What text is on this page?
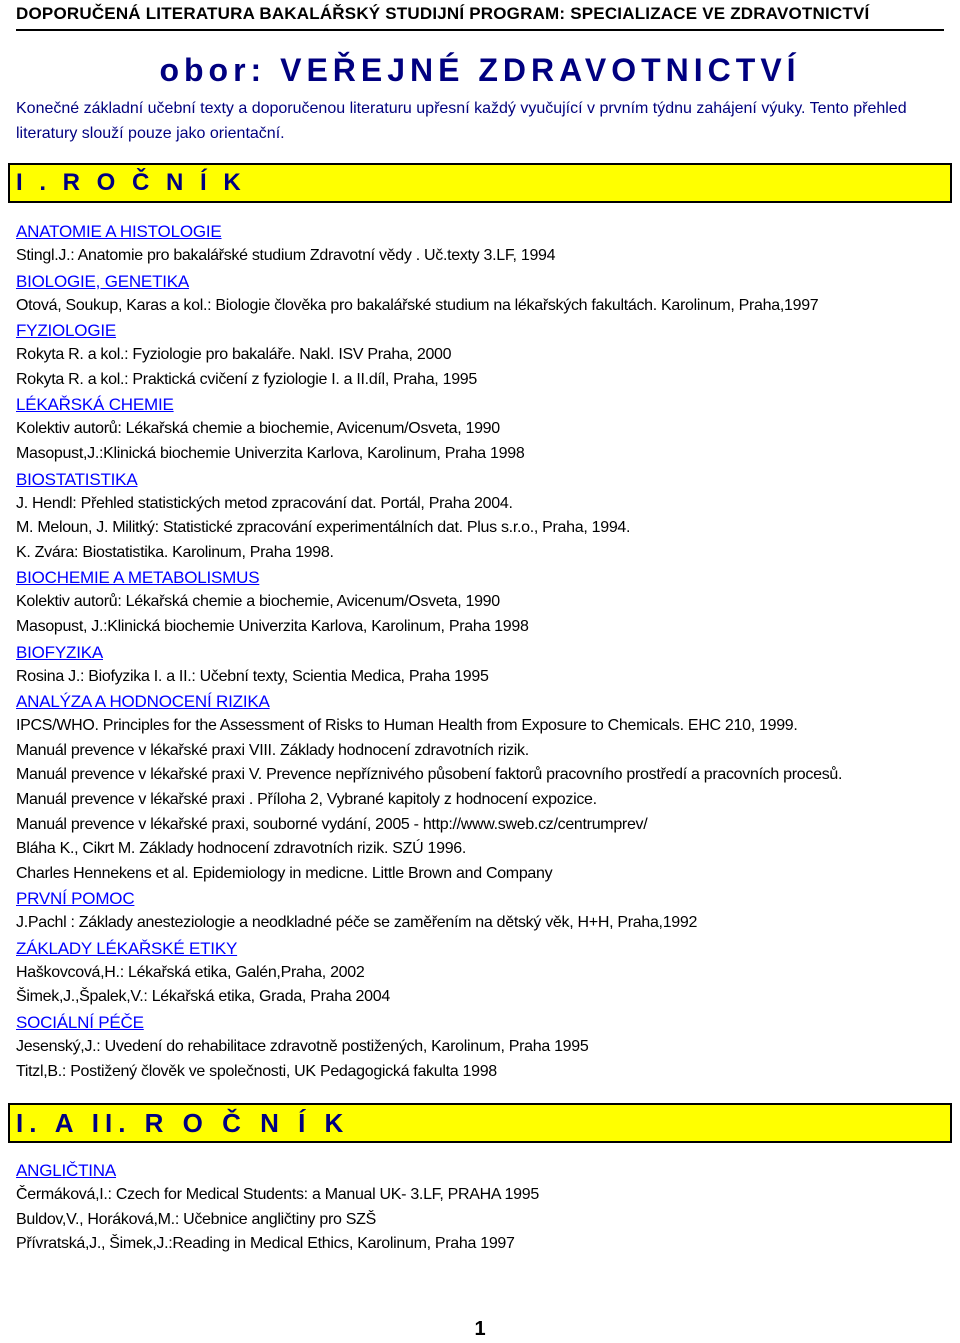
DOPORUČENÁ LITERATURA BAKALÁŘSKÝ STUDIJNÍ PROGRAM: SPECIALIZACE VE ZDRAVOTNICTVÍ
obor: VEŘEJNÉ ZDRAVOTNICTVÍ
Konečné základní učební texty a doporučenou literaturu upřesní každý vyučující v prvním týdnu zahájení výuky. Tento přehled literatury slouží pouze jako orientační.
I . R O Č N Í K
ANATOMIE A HISTOLOGIE
Stingl.J.: Anatomie pro bakalářské studium Zdravotní vědy . Uč.texty 3.LF, 1994
BIOLOGIE, GENETIKA
Otová, Soukup, Karas a kol.: Biologie člověka pro bakalářské studium na lékařských fakultách. Karolinum, Praha,1997
FYZIOLOGIE
Rokyta R. a kol.: Fyziologie pro bakaláře. Nakl. ISV Praha, 2000
Rokyta R. a kol.: Praktická cvičení z fyziologie I. a II.díl, Praha, 1995
LÉKAŘSKÁ CHEMIE
Kolektiv autorů: Lékařská chemie a biochemie, Avicenum/Osveta, 1990
Masopust,J.:Klinická biochemie Univerzita Karlova, Karolinum, Praha 1998
BIOSTATISTIKA
J. Hendl: Přehled statistických metod zpracování dat. Portál, Praha 2004.
M. Meloun, J. Militký: Statistické zpracování experimentálních dat. Plus s.r.o., Praha, 1994.
K. Zvára: Biostatistika. Karolinum, Praha 1998.
BIOCHEMIE A METABOLISMUS
Kolektiv autorů: Lékařská chemie a biochemie, Avicenum/Osveta, 1990
Masopust, J.:Klinická biochemie Univerzita Karlova, Karolinum, Praha 1998
BIOFYZIKA
Rosina J.: Biofyzika I. a II.: Učební texty, Scientia Medica, Praha 1995
ANALÝZA A HODNOCENÍ RIZIKA
IPCS/WHO. Principles for the Assessment of Risks to Human Health from Exposure to Chemicals. EHC 210, 1999.
Manuál prevence v lékařské praxi VIII. Základy hodnocení zdravotních rizik.
Manuál prevence v lékařské praxi V. Prevence nepříznivého působení faktorů pracovního prostředí a pracovních procesů.
Manuál prevence v lékařské praxi . Příloha 2, Vybrané kapitoly z hodnocení expozice.
Manuál prevence v lékařské praxi, souborné vydání, 2005 - http://www.sweb.cz/centrumprev/
Bláha K., Cikrt M. Základy hodnocení zdravotních rizik. SZÚ 1996.
Charles Hennekens et al. Epidemiology in medicne. Little Brown and Company
PRVNÍ POMOC
J.Pachl : Základy anesteziologie a neodkladné péče se zaměřením na dětský věk, H+H, Praha,1992
ZÁKLADY LÉKAŘSKÉ ETIKY
Haškovcová,H.: Lékařská etika, Galén,Praha, 2002
Šimek,J.,Špalek,V.: Lékařská etika, Grada, Praha 2004
SOCIÁLNÍ PÉČE
Jesenský,J.: Uvedení do rehabilitace zdravotně postižených, Karolinum, Praha 1995
Titzl,B.: Postižený člověk ve společnosti, UK Pedagogická fakulta 1998
I. A II. R O Č N Í K
ANGLIČTINA
Čermáková,I.: Czech for Medical Students: a Manual UK- 3.LF, PRAHA 1995
Buldov,V., Horáková,M.: Učebnice angličtiny pro SZŠ
Přívratská,J., Šimek,J.:Reading in Medical Ethics, Karolinum, Praha 1997
1
